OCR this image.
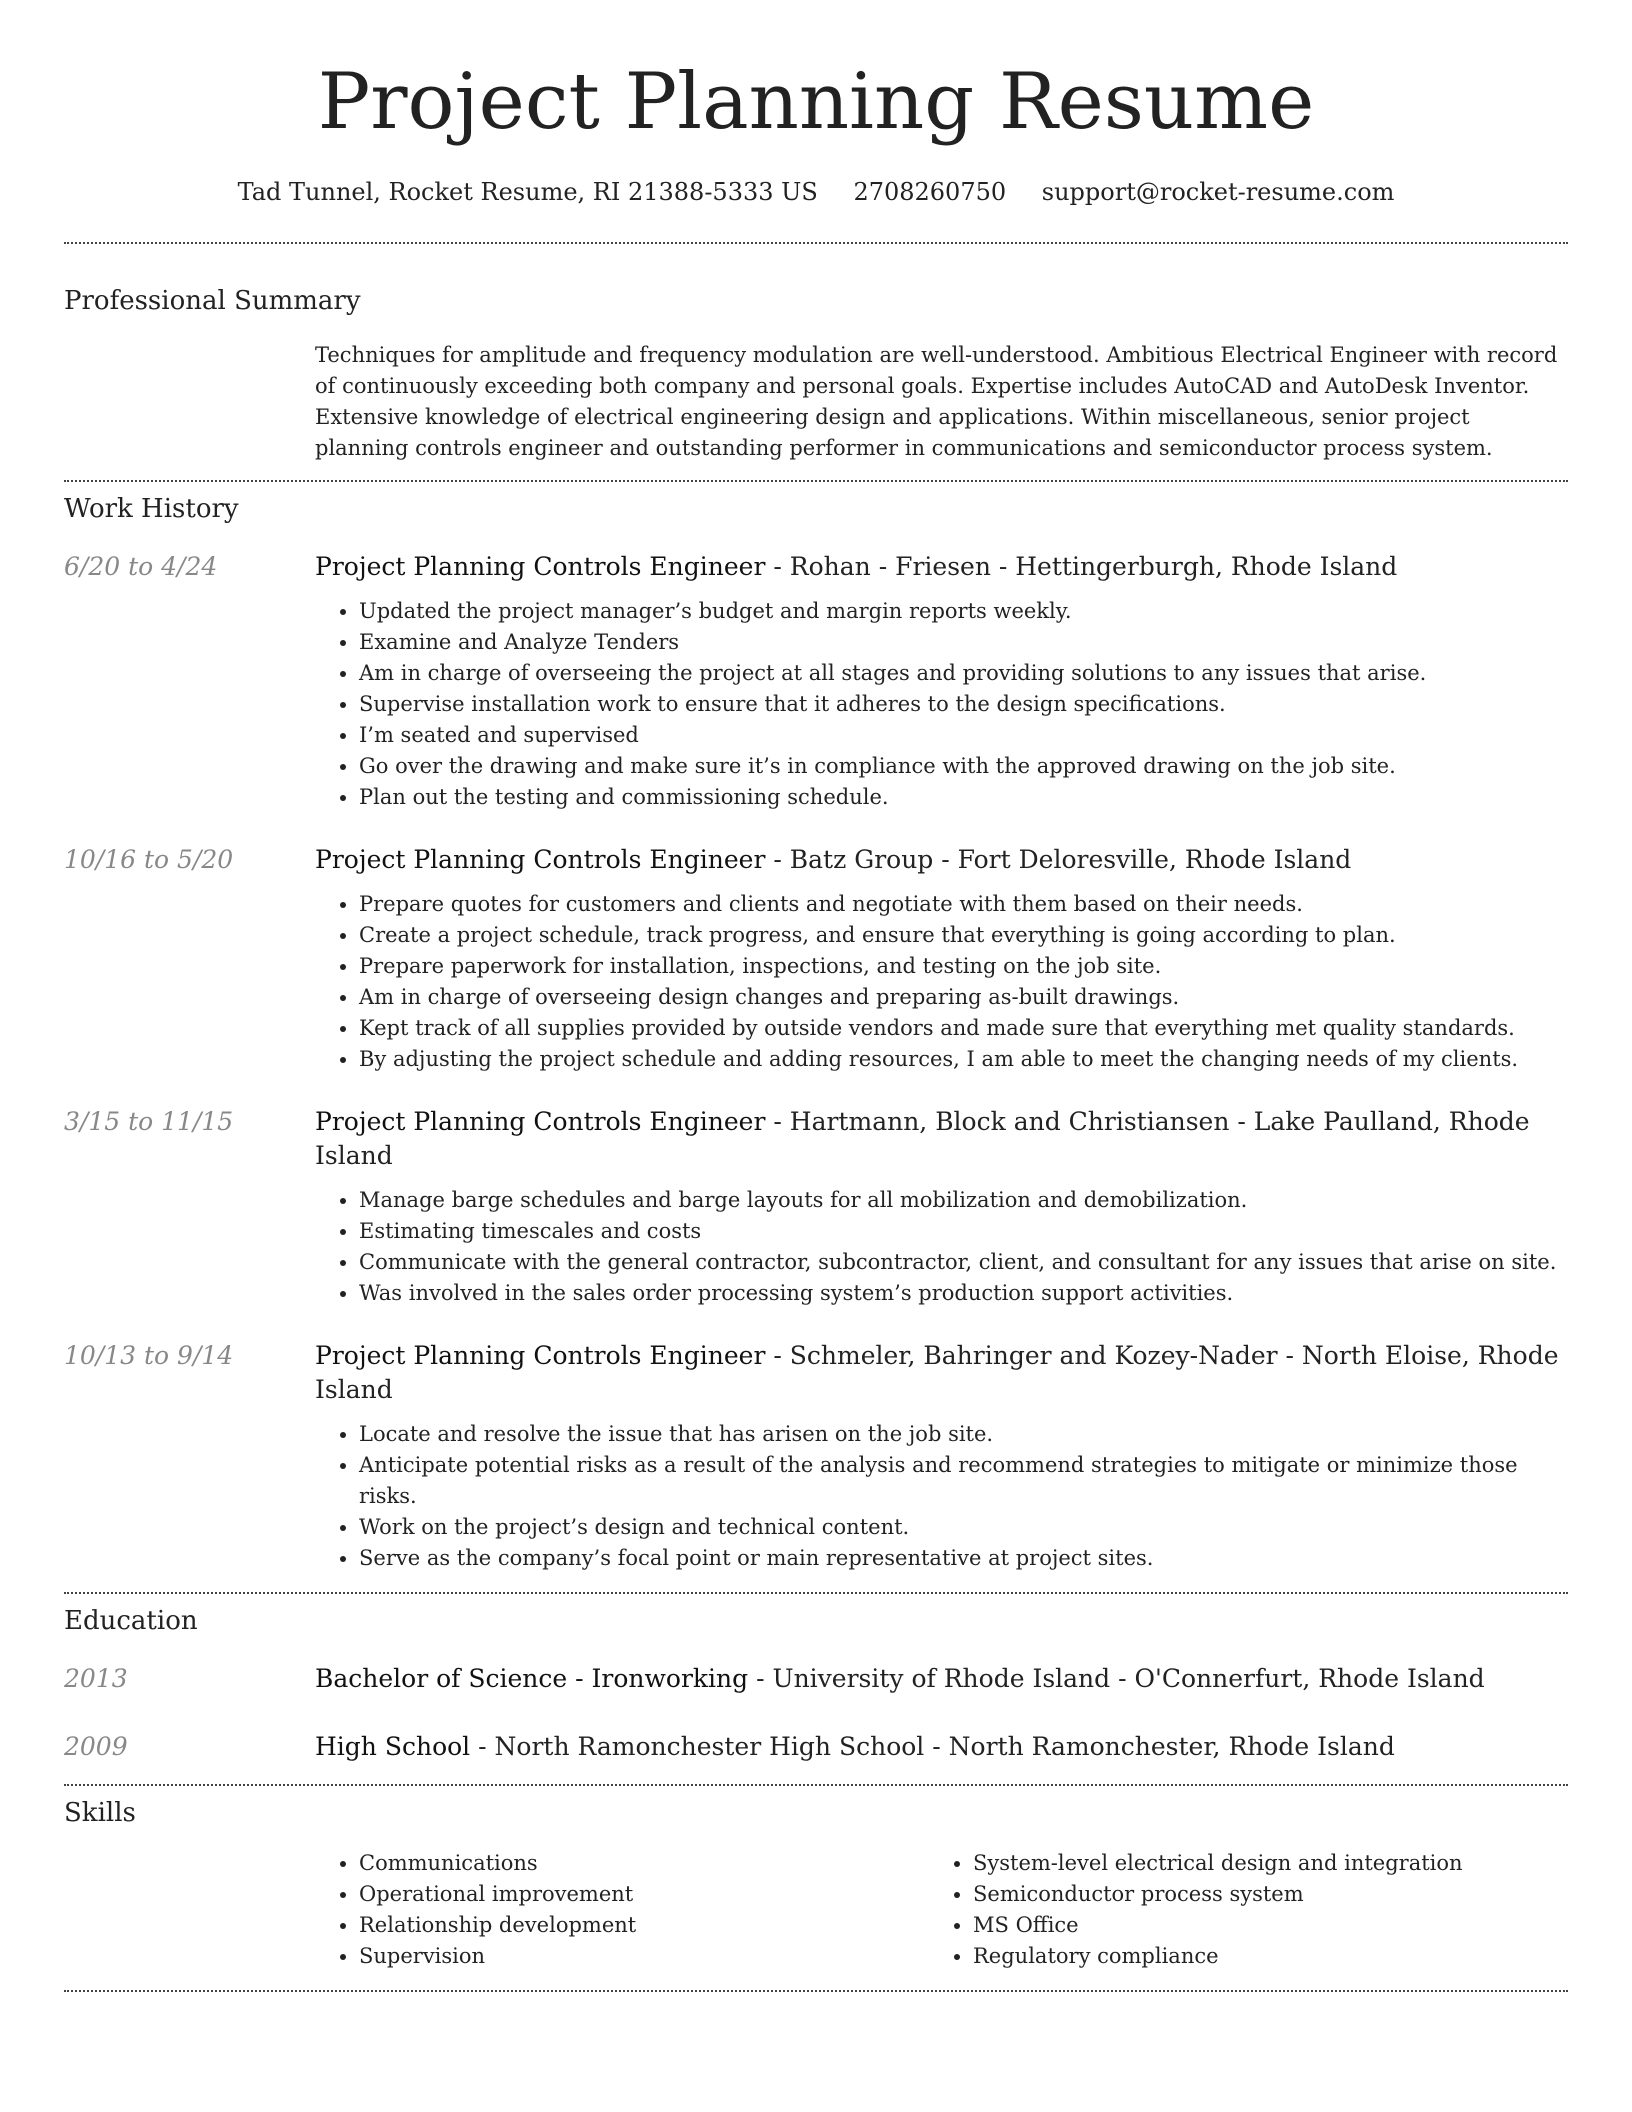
Project Planning Resume
Tad Tunnel, Rocket Resume, RI 21388-5333 US 2708260750 support@rocket-resume.com
Professional Summary
Techniques for amplitude and frequency modulation are well-understood. Ambitious Electrical Engineer with record of continuously exceeding both company and personal goals. Expertise includes AutoCAD and AutoDesk Inventor. Extensive knowledge of electrical engineering design and applications. Within miscellaneous, senior project planning controls engineer and outstanding performer in communications and semiconductor process system.
Work History
6/20 to 4/24	Project Planning Controls Engineer - Rohan - Friesen - Hettingerburgh, Rhode Island
• Updated the project manager’s budget and margin reports weekly.
• Examine and Analyze Tenders
• Am in charge of overseeing the project at all stages and providing solutions to any issues that arise.
• Supervise installation work to ensure that it adheres to the design specifications.
• I’m seated and supervised
• Go over the drawing and make sure it’s in compliance with the approved drawing on the job site.
• Plan out the testing and commissioning schedule.
10/16 to 5/20	Project Planning Controls Engineer - Batz Group - Fort Deloresville, Rhode Island
• Prepare quotes for customers and clients and negotiate with them based on their needs.
• Create a project schedule, track progress, and ensure that everything is going according to plan.
• Prepare paperwork for installation, inspections, and testing on the job site.
• Am in charge of overseeing design changes and preparing as-built drawings.
• Kept track of all supplies provided by outside vendors and made sure that everything met quality standards.
• By adjusting the project schedule and adding resources, I am able to meet the changing needs of my clients.
3/15 to 11/15	Project Planning Controls Engineer - Hartmann, Block and Christiansen - Lake Paulland, Rhode Island
• Manage barge schedules and barge layouts for all mobilization and demobilization.
• Estimating timescales and costs
• Communicate with the general contractor, subcontractor, client, and consultant for any issues that arise on site.
• Was involved in the sales order processing system’s production support activities.
10/13 to 9/14	Project Planning Controls Engineer - Schmeler, Bahringer and Kozey-Nader - North Eloise, Rhode Island
• Locate and resolve the issue that has arisen on the job site.
• Anticipate potential risks as a result of the analysis and recommend strategies to mitigate or minimize those risks.
• Work on the project’s design and technical content.
• Serve as the company’s focal point or main representative at project sites.
Education
2013	Bachelor of Science - Ironworking - University of Rhode Island - O'Connerfurt, Rhode Island
2009	High School - North Ramonchester High School - North Ramonchester, Rhode Island
Skills
• Communications
• Operational improvement
• Relationship development
• Supervision
• System-level electrical design and integration
• Semiconductor process system
• MS Office
• Regulatory compliance
